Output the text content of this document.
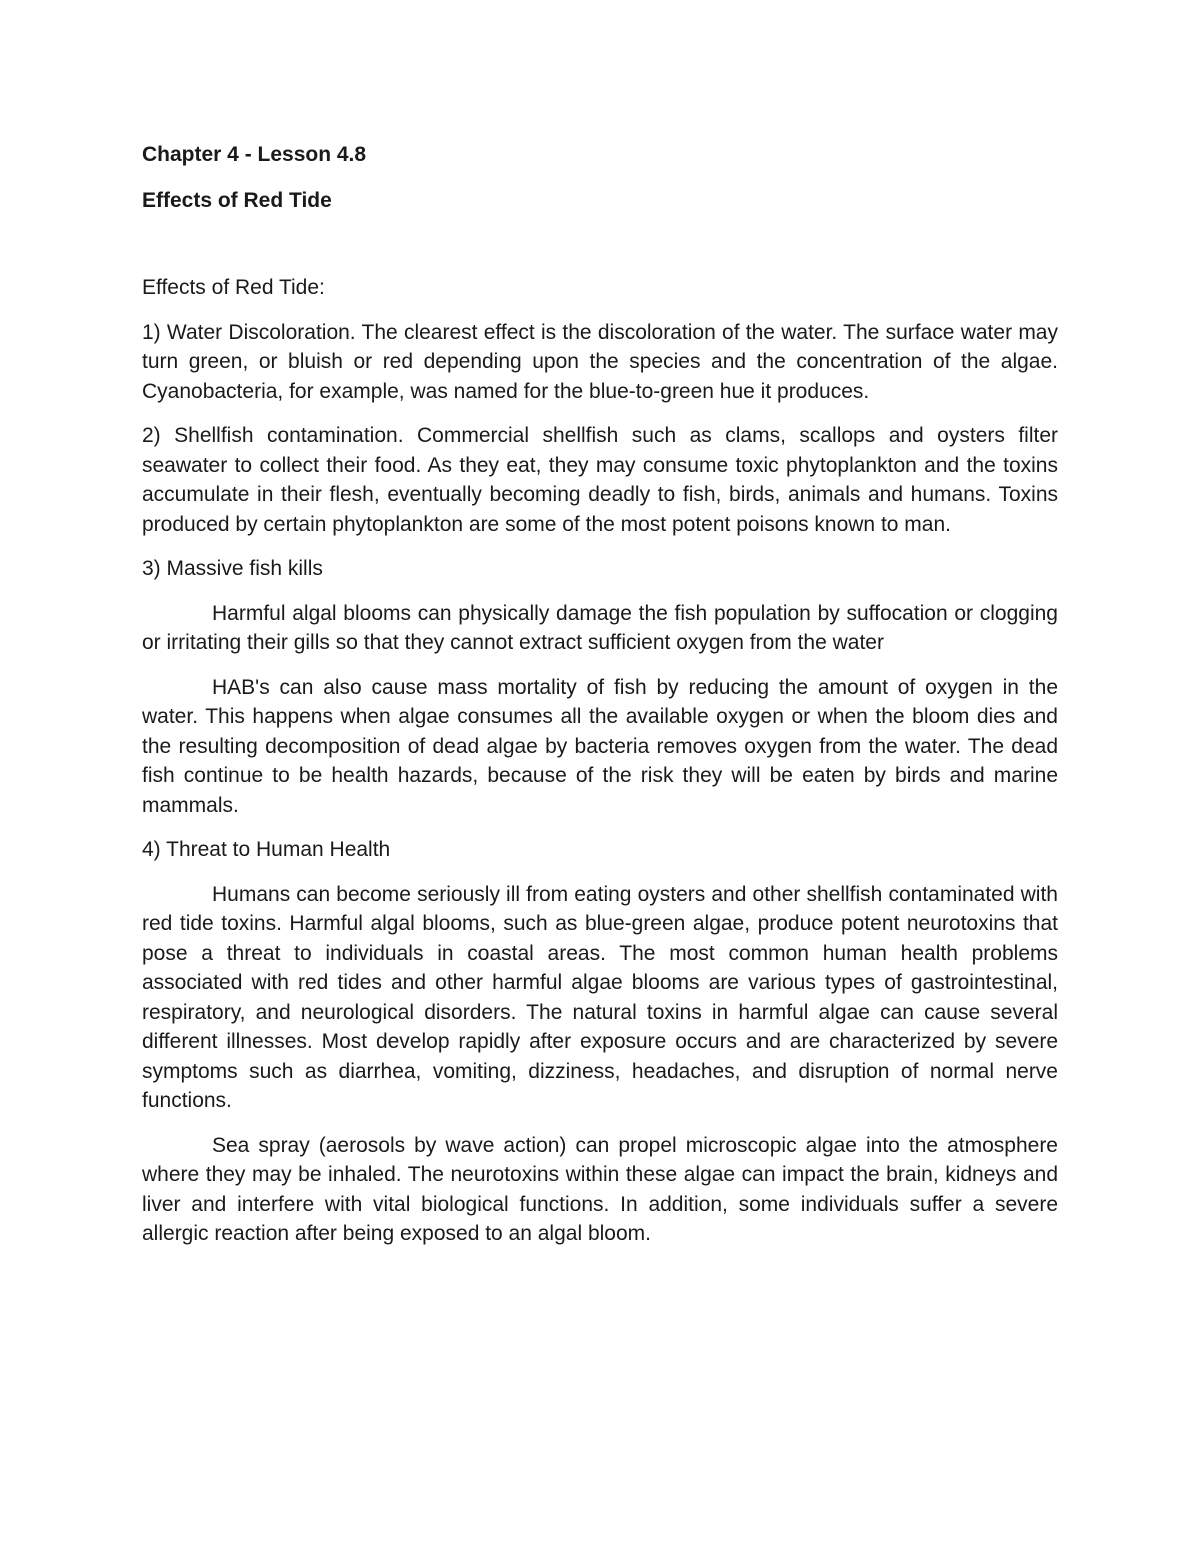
Chapter 4 - Lesson 4.8

Effects of Red Tide

Effects of Red Tide:

1) Water Discoloration. The clearest effect is the discoloration of the water. The surface water may turn green, or bluish or red depending upon the species and the concentration of the algae. Cyanobacteria, for example, was named for the blue-to-green hue it produces.

2) Shellfish contamination. Commercial shellfish such as clams, scallops and oysters filter seawater to collect their food. As they eat, they may consume toxic phytoplankton and the toxins accumulate in their flesh, eventually becoming deadly to fish, birds, animals and humans. Toxins produced by certain phytoplankton are some of the most potent poisons known to man.

3) Massive fish kills

Harmful algal blooms can physically damage the fish population by suffocation or clogging or irritating their gills so that they cannot extract sufficient oxygen from the water

HAB's can also cause mass mortality of fish by reducing the amount of oxygen in the water. This happens when algae consumes all the available oxygen or when the bloom dies and the resulting decomposition of dead algae by bacteria removes oxygen from the water. The dead fish continue to be health hazards, because of the risk they will be eaten by birds and marine mammals.

4) Threat to Human Health

Humans can become seriously ill from eating oysters and other shellfish contaminated with red tide toxins. Harmful algal blooms, such as blue-green algae, produce potent neurotoxins that pose a threat to individuals in coastal areas. The most common human health problems associated with red tides and other harmful algae blooms are various types of gastrointestinal, respiratory, and neurological disorders. The natural toxins in harmful algae can cause several different illnesses. Most develop rapidly after exposure occurs and are characterized by severe symptoms such as diarrhea, vomiting, dizziness, headaches, and disruption of normal nerve functions.

Sea spray (aerosols by wave action) can propel microscopic algae into the atmosphere where they may be inhaled. The neurotoxins within these algae can impact the brain, kidneys and liver and interfere with vital biological functions. In addition, some individuals suffer a severe allergic reaction after being exposed to an algal bloom.
